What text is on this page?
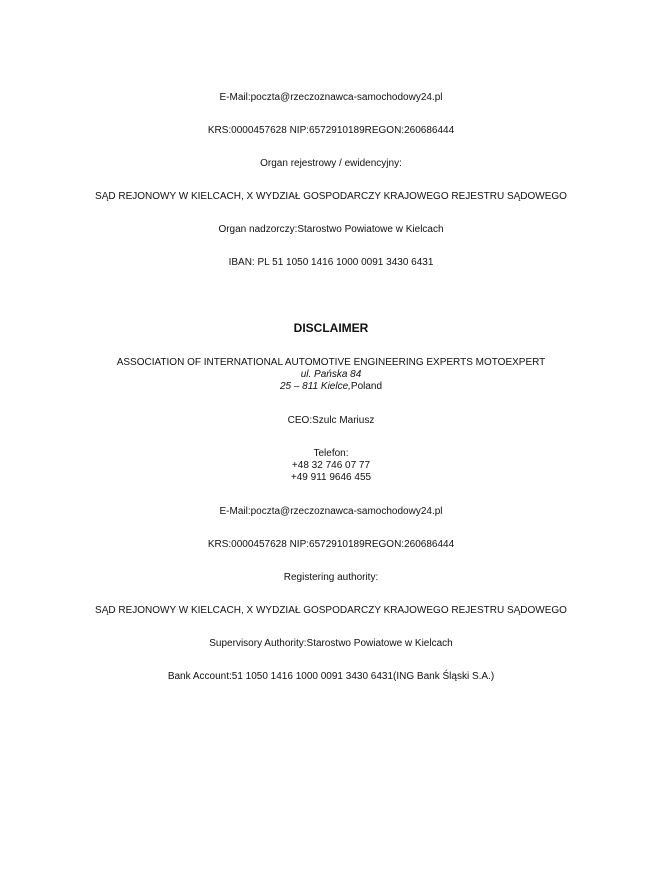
E-Mail:poczta@rzeczoznawca-samochodowy24.pl
KRS:0000457628 NIP:6572910189REGON:260686444
Organ rejestrowy / ewidencyjny:
SĄD REJONOWY W KIELCACH, X WYDZIAŁ GOSPODARCZY KRAJOWEGO REJESTRU SĄDOWEGO
Organ nadzorczy:Starostwo Powiatowe w Kielcach
IBAN: PL 51 1050 1416 1000 0091 3430 6431
DISCLAIMER
ASSOCIATION OF INTERNATIONAL AUTOMOTIVE ENGINEERING EXPERTS MOTOEXPERT
ul. Pańska 84
25 – 811 Kielce,Poland
CEO:Szulc Mariusz
Telefon:
+48 32 746 07 77
+49 911 9646 455
E-Mail:poczta@rzeczoznawca-samochodowy24.pl
KRS:0000457628 NIP:6572910189REGON:260686444
Registering authority:
SĄD REJONOWY W KIELCACH, X WYDZIAŁ GOSPODARCZY KRAJOWEGO REJESTRU SĄDOWEGO
Supervisory Authority:Starostwo Powiatowe w Kielcach
Bank Account:51 1050 1416 1000 0091 3430 6431(ING Bank Śląski S.A.)
